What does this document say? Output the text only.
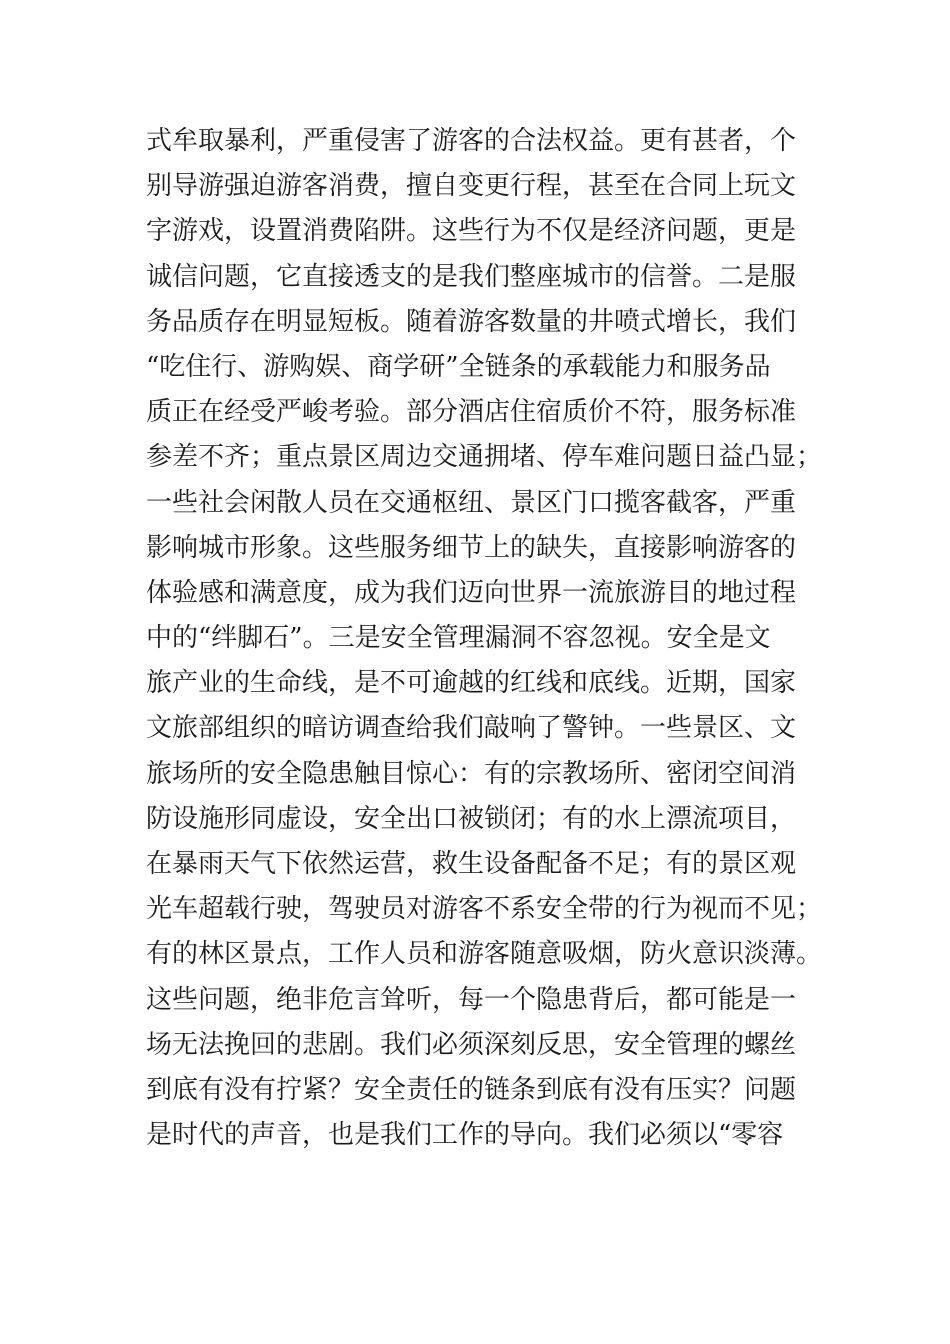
式牟取暴利，严重侵害了游客的合法权益。更有甚者，个
别导游强迫游客消费，擅自变更行程，甚至在合同上玩文
字游戏，设置消费陷阱。这些行为不仅是经济问题，更是
诚信问题，它直接透支的是我们整座城市的信誉。二是服
务品质存在明显短板。随着游客数量的井喷式增长，我们
“吃住行、游购娱、商学研”全链条的承载能力和服务品
质正在经受严峻考验。部分酒店住宿质价不符，服务标准
参差不齐；重点景区周边交通拥堵、停车难问题日益凸显；
一些社会闲散人员在交通枢纽、景区门口揽客截客，严重
影响城市形象。这些服务细节上的缺失，直接影响游客的
体验感和满意度，成为我们迈向世界一流旅游目的地过程
中的“绊脚石”。三是安全管理漏洞不容忽视。安全是文
旅产业的生命线，是不可逾越的红线和底线。近期，国家
文旅部组织的暗访调查给我们敲响了警钟。一些景区、文
旅场所的安全隐患触目惊心：有的宗教场所、密闭空间消
防设施形同虚设，安全出口被锁闭；有的水上漂流项目，
在暴雨天气下依然运营，救生设备配备不足；有的景区观
光车超载行驶，驾驶员对游客不系安全带的行为视而不见；
有的林区景点，工作人员和游客随意吸烟，防火意识淡薄。
这些问题，绝非危言耸听，每一个隐患背后，都可能是一
场无法挽回的悲剧。我们必须深刻反思，安全管理的螺丝
到底有没有拧紧？安全责任的链条到底有没有压实？问题
是时代的声音，也是我们工作的导向。我们必须以“零容
